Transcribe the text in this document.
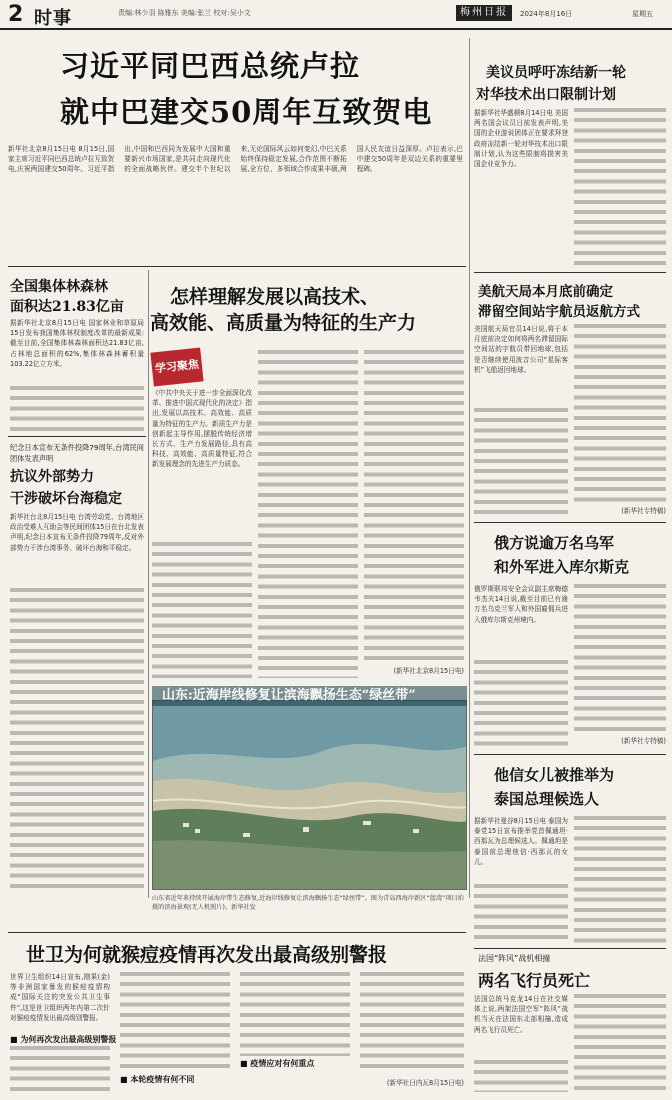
2 时事	责编:林少羽 陈雅东 美编:张兰 校对:吴小文	梅州日报	2024年8月16日	星期五
习近平同巴西总统卢拉
就中巴建交50周年互致贺电
新华社北京8月15日电 8月15日,国家主席习近平同巴西总统卢拉互致贺电,庆祝两国建交50周年。习近平指出,中国和巴西同为发展中大国和重要新兴市场国家,是共同走向现代化的全面战略伙伴。建交半个世纪以来,无论国际风云如何变幻,中巴关系始终保持稳定发展,合作范围不断拓展,全方位、多领域合作成果丰硕,两国人民友谊日益深厚。卢拉表示,巴中建交50周年是双边关系的重要里程碑。
全国集体林森林
面积达21.83亿亩
据新华社北京8月15日电 国家林业和草原局15日发布我国集体林权制度改革的最新成果:截至目前,全国集体林森林面积达21.83亿亩,占林地总面积的62%,集体林森林蓄积量103.22亿立方米。
纪念日本宣布无条件投降79周年,台湾民间团体发表声明
抗议外部势力
干涉破坏台海稳定
新华社台北8月15日电 台湾劳动党、台湾地区政治受难人互助会等民间团体15日在台北发表声明,纪念日本宣布无条件投降79周年,反对外部势力干涉台湾事务、破坏台海和平稳定。
怎样理解发展以高技术、
高效能、高质量为特征的生产力
学习聚焦
《中共中央关于进一步全面深化改革、推进中国式现代化的决定》指出,发展以高技术、高效能、高质量为特征的生产力。新质生产力是创新起主导作用,摆脱传统经济增长方式、生产力发展路径,具有高科技、高效能、高质量特征,符合新发展理念的先进生产力质态。
(新华社北京8月15日电)
山东:近海岸线修复让滨海飘扬生态“绿丝带”
山东省近年来持续开展海岸带生态修复,近海岸线修复让滨海飘扬生态“绿丝带”。图为青岛西海岸新区“蓝湾”项目拍摄的滨海景观(无人机照片)。新华社发
世卫为何就猴痘疫情再次发出最高级别警报
世界卫生组织14日宣布,刚果(金)等非洲国家暴发的猴痘疫情构成“国际关注的突发公共卫生事件”,这是世卫组织两年内第二次针对猴痘疫情发出最高级别警报。
■ 为何再次发出最高级别警报
■ 本轮疫情有何不同
■ 疫情应对有何重点
(新华社日内瓦8月15日电)
美议员呼吁冻结新一轮
对华技术出口限制计划
据新华社华盛顿8月14日电 美国两名国会议员日前发表声明,美国的企业游说团体正在要求拜登政府冻结新一轮对华技术出口限制计划,认为这些限制将损害美国企业竞争力。
美航天局本月底前确定
滞留空间站宇航员返航方式
美国航天局官员14日说,将于本月底前决定如何将两名滞留国际空间站的宇航员带回地球,包括是否继续使用波音公司“星际客机”飞船返回地球。
(新华社专特稿)
俄方说逾万名乌军
和外军进入库尔斯克
俄罗斯联邦安全会议副主席梅德韦杰夫14日说,截至目前已有逾万名乌克兰军人和外国雇佣兵进入俄库尔斯克州境内。
(新华社专特稿)
他信女儿被推举为
泰国总理候选人
据新华社曼谷8月15日电 泰国为泰党15日宣布推举党首佩通坦·西那瓦为总理候选人。佩通坦是泰国前总理他信·西那瓦的女儿。
法国“阵风”战机相撞
两名飞行员死亡
法国总统马克龙14日在社交媒体上说,两架法国空军“阵风”战机当天在法国东北部相撞,造成两名飞行员死亡。
